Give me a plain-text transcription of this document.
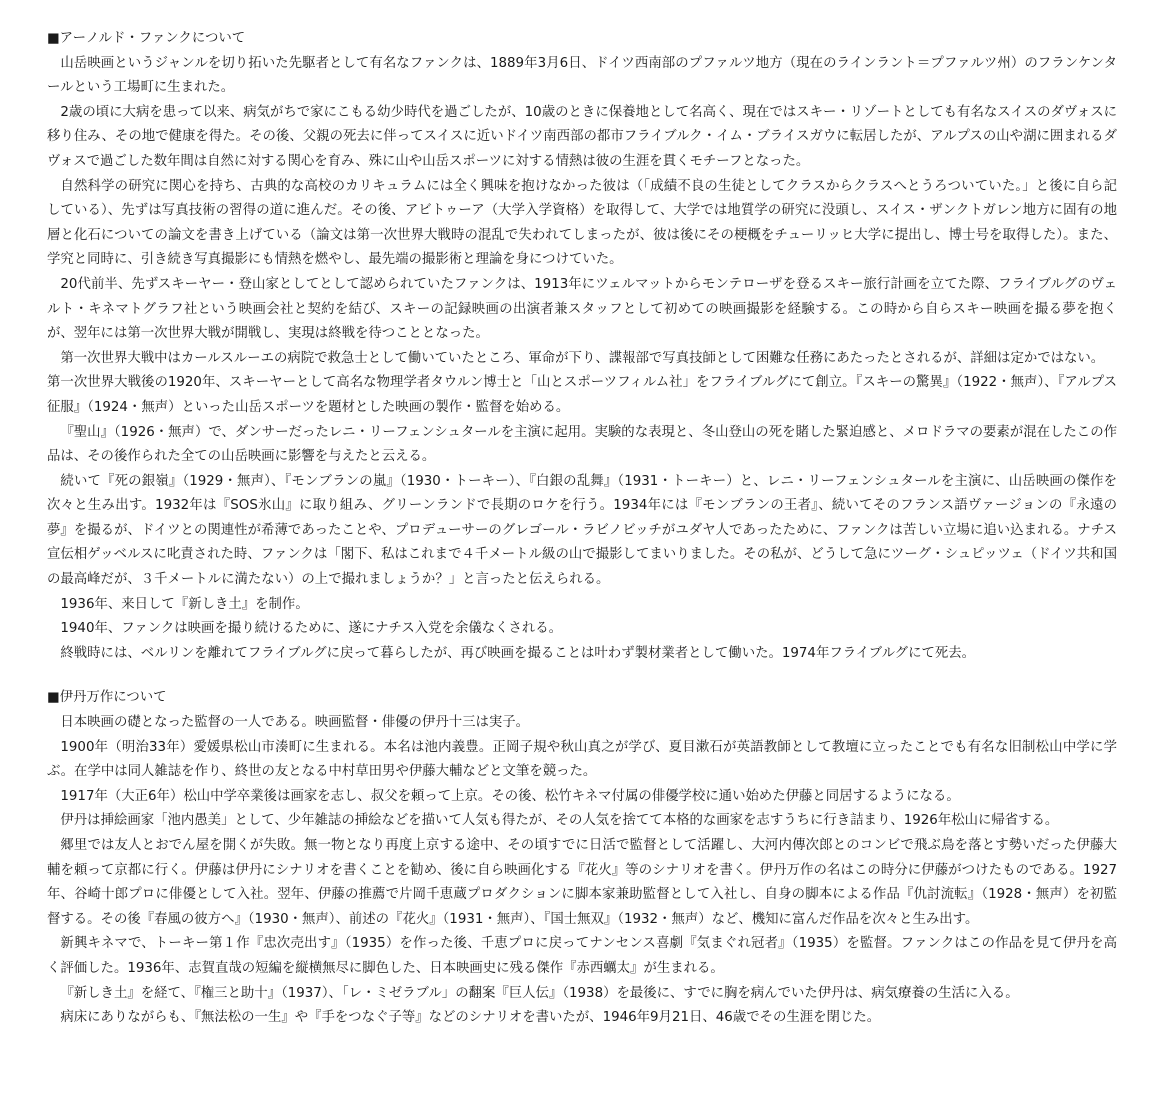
■アーノルド・ファンクについて

山岳映画というジャンルを切り拓いた先駆者として有名なファンクは、1889年3月6日、ドイツ西南部のプファルツ地方（現在のラインラント＝プファルツ州）のフランケンタールという工場町に生まれた。

2歳の頃に大病を患って以来、病気がちで家にこもる幼少時代を過ごしたが、10歳のときに保養地として名高く、現在ではスキー・リゾートとしても有名なスイスのダヴォスに移り住み、その地で健康を得た。その後、父親の死去に伴ってスイスに近いドイツ南西部の都市フライブルク・イム・ブライスガウに転居したが、アルプスの山や湖に囲まれるダヴォスで過ごした数年間は自然に対する関心を育み、殊に山や山岳スポーツに対する情熱は彼の生涯を貫くモチーフとなった。

自然科学の研究に関心を持ち、古典的な高校のカリキュラムには全く興味を抱けなかった彼は（「成績不良の生徒としてクラスからクラスへとうろついていた。」と後に自ら記している）、先ずは写真技術の習得の道に進んだ。その後、アビトゥーア（大学入学資格）を取得して、大学では地質学の研究に没頭し、スイス・ザンクトガレン地方に固有の地層と化石についての論文を書き上げている（論文は第一次世界大戦時の混乱で失われてしまったが、彼は後にその梗概をチューリッヒ大学に提出し、博士号を取得した）。また、学究と同時に、引き続き写真撮影にも情熱を燃やし、最先端の撮影術と理論を身につけていた。

20代前半、先ずスキーヤー・登山家としてとして認められていたファンクは、1913年にツェルマットからモンテローザを登るスキー旅行計画を立てた際、フライブルグのヴェルト・キネマトグラフ社という映画会社と契約を結び、スキーの記録映画の出演者兼スタッフとして初めての映画撮影を経験する。この時から自らスキー映画を撮る夢を抱くが、翌年には第一次世界大戦が開戦し、実現は終戦を待つこととなった。

第一次世界大戦中はカールスルーエの病院で救急士として働いていたところ、軍命が下り、諜報部で写真技師として困難な任務にあたったとされるが、詳細は定かではない。

第一次世界大戦後の1920年、スキーヤーとして高名な物理学者タウルン博士と「山とスポーツフィルム社」をフライブルグにて創立。『スキーの驚異』（1922・無声）、『アルプス征服』（1924・無声）といった山岳スポーツを題材とした映画の製作・監督を始める。

『聖山』（1926・無声）で、ダンサーだったレニ・リーフェンシュタールを主演に起用。実験的な表現と、冬山登山の死を賭した緊迫感と、メロドラマの要素が混在したこの作品は、その後作られた全ての山岳映画に影響を与えたと云える。

続いて『死の銀嶺』（1929・無声）、『モンブランの嵐』（1930・トーキー）、『白銀の乱舞』（1931・トーキー）と、レニ・リーフェンシュタールを主演に、山岳映画の傑作を次々と生み出す。1932年は『SOS氷山』に取り組み、グリーンランドで長期のロケを行う。1934年には『モンブランの王者』、続いてそのフランス語ヴァージョンの『永遠の夢』を撮るが、ドイツとの関連性が希薄であったことや、プロデューサーのグレゴール・ラビノビッチがユダヤ人であったために、ファンクは苦しい立場に追い込まれる。ナチス宣伝相ゲッベルスに叱責された時、ファンクは「閣下、私はこれまで４千メートル級の山で撮影してまいりました。その私が、どうして急にツーグ・シュピッツェ（ドイツ共和国の最高峰だが、３千メートルに満たない）の上で撮れましょうか？」と言ったと伝えられる。

1936年、来日して『新しき土』を制作。

1940年、ファンクは映画を撮り続けるために、遂にナチス入党を余儀なくされる。

終戦時には、ベルリンを離れてフライブルグに戻って暮らしたが、再び映画を撮ることは叶わず製材業者として働いた。1974年フライブルグにて死去。

■伊丹万作について

日本映画の礎となった監督の一人である。映画監督・俳優の伊丹十三は実子。

1900年（明治33年）愛媛県松山市湊町に生まれる。本名は池内義豊。正岡子規や秋山真之が学び、夏目漱石が英語教師として教壇に立ったことでも有名な旧制松山中学に学ぶ。在学中は同人雑誌を作り、終世の友となる中村草田男や伊藤大輔などと文筆を競った。

1917年（大正6年）松山中学卒業後は画家を志し、叔父を頼って上京。その後、松竹キネマ付属の俳優学校に通い始めた伊藤と同居するようになる。

伊丹は挿絵画家「池内愚美」として、少年雑誌の挿絵などを描いて人気も得たが、その人気を捨てて本格的な画家を志すうちに行き詰まり、1926年松山に帰省する。

郷里では友人とおでん屋を開くが失敗。無一物となり再度上京する途中、その頃すでに日活で監督として活躍し、大河内傳次郎とのコンビで飛ぶ鳥を落とす勢いだった伊藤大輔を頼って京都に行く。伊藤は伊丹にシナリオを書くことを勧め、後に自ら映画化する『花火』等のシナリオを書く。伊丹万作の名はこの時分に伊藤がつけたものである。1927年、谷崎十郎プロに俳優として入社。翌年、伊藤の推薦で片岡千恵蔵プロダクションに脚本家兼助監督として入社し、自身の脚本による作品『仇討流転』（1928・無声）を初監督する。その後『春風の彼方へ』（1930・無声）、前述の『花火』（1931・無声）、『国士無双』（1932・無声）など、機知に富んだ作品を次々と生み出す。

新興キネマで、トーキー第１作『忠次売出す』（1935）を作った後、千恵プロに戻ってナンセンス喜劇『気まぐれ冠者』（1935）を監督。ファンクはこの作品を見て伊丹を高く評価した。1936年、志賀直哉の短編を縦横無尽に脚色した、日本映画史に残る傑作『赤西蠣太』が生まれる。

『新しき土』を経て、『権三と助十』（1937）、「レ・ミゼラブル」の翻案『巨人伝』（1938）を最後に、すでに胸を病んでいた伊丹は、病気療養の生活に入る。

病床にありながらも、『無法松の一生』や『手をつなぐ子等』などのシナリオを書いたが、1946年9月21日、46歳でその生涯を閉じた。
